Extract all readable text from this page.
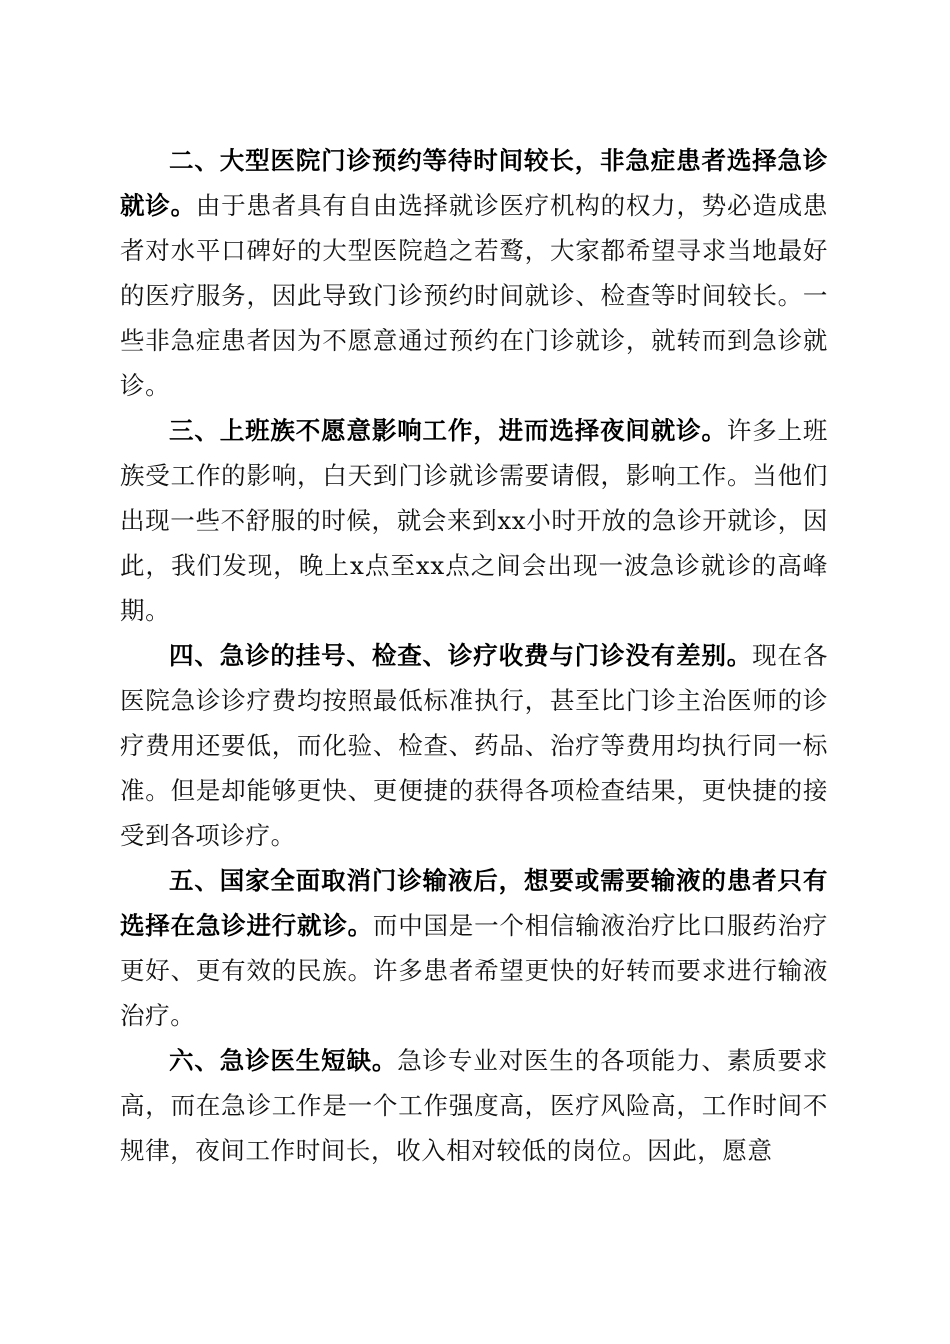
二、大型医院门诊预约等待时间较长，非急症患者选择急诊就诊。由于患者具有自由选择就诊医疗机构的权力，势必造成患者对水平口碑好的大型医院趋之若鹜，大家都希望寻求当地最好的医疗服务，因此导致门诊预约时间就诊、检查等时间较长。一些非急症患者因为不愿意通过预约在门诊就诊，就转而到急诊就诊。

三、上班族不愿意影响工作，进而选择夜间就诊。许多上班族受工作的影响，白天到门诊就诊需要请假，影响工作。当他们出现一些不舒服的时候，就会来到xx小时开放的急诊开就诊，因此，我们发现，晚上x点至xx点之间会出现一波急诊就诊的高峰期。

四、急诊的挂号、检查、诊疗收费与门诊没有差别。现在各医院急诊诊疗费均按照最低标准执行，甚至比门诊主治医师的诊疗费用还要低，而化验、检查、药品、治疗等费用均执行同一标准。但是却能够更快、更便捷的获得各项检查结果，更快捷的接受到各项诊疗。

五、国家全面取消门诊输液后，想要或需要输液的患者只有选择在急诊进行就诊。而中国是一个相信输液治疗比口服药治疗更好、更有效的民族。许多患者希望更快的好转而要求进行输液治疗。

六、急诊医生短缺。急诊专业对医生的各项能力、素质要求高，而在急诊工作是一个工作强度高，医疗风险高，工作时间不规律，夜间工作时间长，收入相对较低的岗位。因此，愿意
